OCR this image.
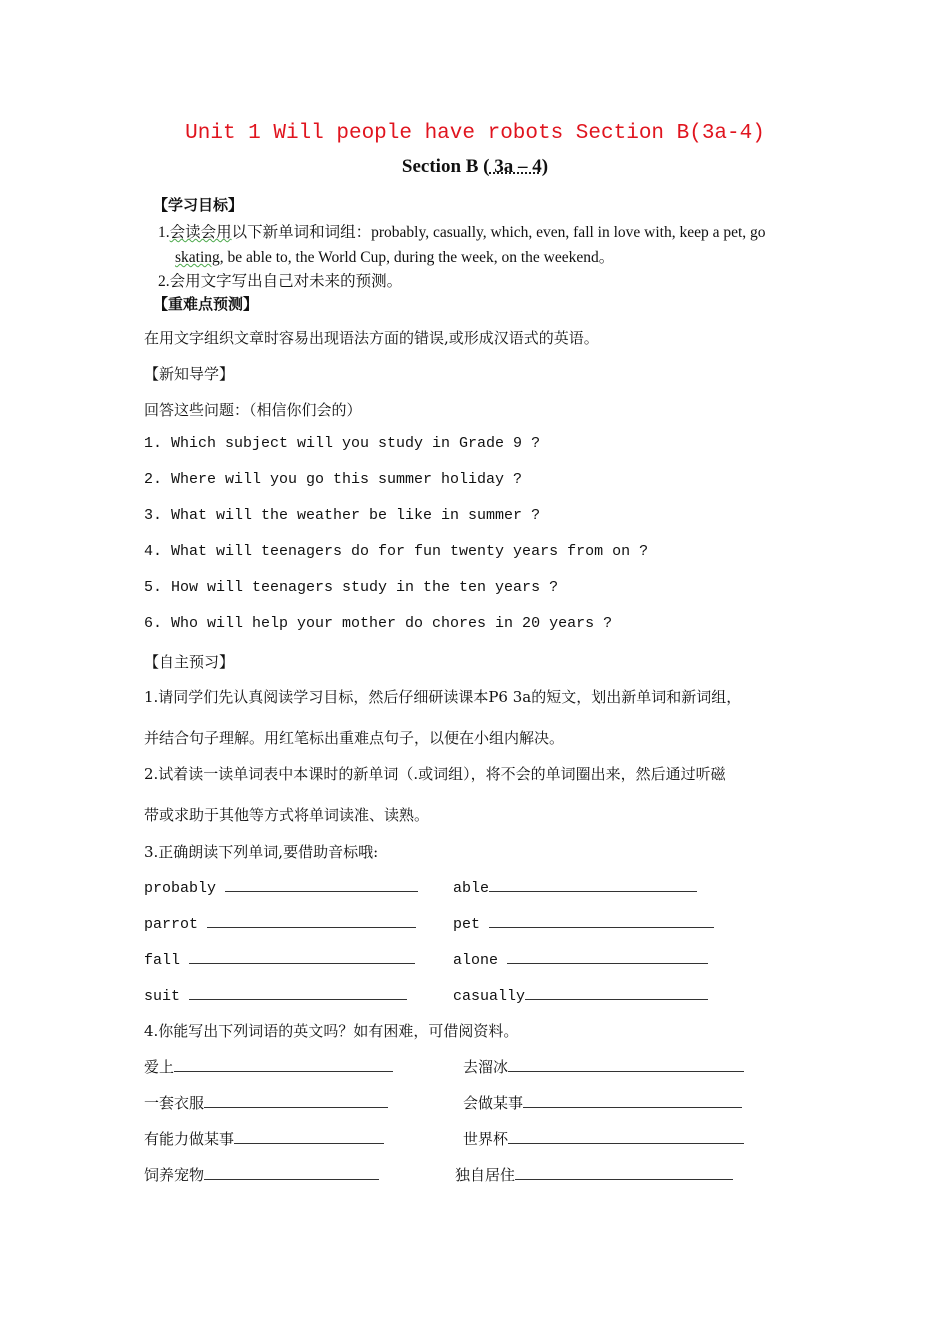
Unit 1 Will people have robots Section B(3a-4)
Section B ( 3a – 4)
【学习目标】
1.会读会用以下新单词和词组：probably, casually, which, even, fall in love with, keep a pet, go
skating, be able to, the World Cup, during the week, on the weekend。
2.会用文字写出自己对未来的预测。
【重难点预测】
在用文字组织文章时容易出现语法方面的错误,或形成汉语式的英语。
【新知导学】
回答这些问题：（相信你们会的）
1. Which subject will you study in Grade 9 ?
2. Where will you go this summer holiday ?
3. What will the weather be like in summer ?
4. What will teenagers do for fun twenty years from on ?
5. How will teenagers study in the ten years ?
6. Who will help your mother do chores in 20 years ?
【自主预习】
1.请同学们先认真阅读学习目标，然后仔细研读课本P6 3a的短文，划出新单词和新词组，
并结合句子理解。用红笔标出重难点句子，以便在小组内解决。
2.试着读一读单词表中本课时的新单词（.或词组），将不会的单词圈出来，然后通过听磁
带或求助于其他等方式将单词读准、读熟。
3.正确朗读下列单词,要借助音标哦:
probably	able
parrot	pet
fall	alone
suit	casually
4.你能写出下列词语的英文吗？如有困难，可借阅资料。
爱上	去溜冰
一套衣服	会做某事
有能力做某事	世界杯
饲养宠物	独自居住
